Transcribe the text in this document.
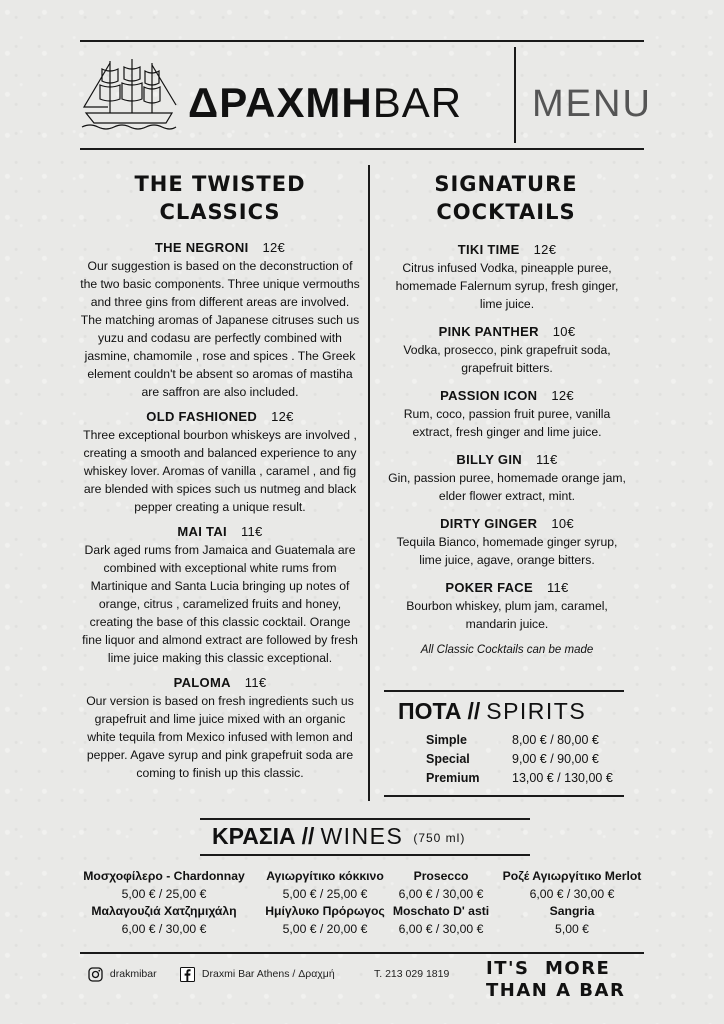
ΔΡΑΧΜΗBAR MENU
THE TWISTED
CLASSICS
THE NEGRONI 12€
Our suggestion is based on the deconstruction of the two basic components. Three unique vermouths and three gins from different areas are involved. The matching aromas of Japanese citruses such us yuzu and codasu are perfectly combined with jasmine, chamomile , rose and spices . The Greek element couldn't be absent so aromas of mastiha are saffron are also included.
OLD FASHIONED 12€
Three exceptional bourbon whiskeys are involved , creating a smooth and balanced experience to any whiskey lover. Aromas of vanilla , caramel , and fig are blended with spices such us nutmeg and black pepper creating a unique result.
MAI TAI 11€
Dark aged rums from Jamaica and Guatemala are combined with exceptional white rums from Martinique and Santa Lucia bringing up notes of orange, citrus , caramelized fruits and honey, creating the base of this classic cocktail. Orange fine liquor and almond extract are followed by fresh lime juice making this classic exceptional.
PALOMA 11€
Our version is based on fresh ingredients such us grapefruit and lime juice mixed with an organic white tequila from Mexico infused with lemon and pepper. Agave syrup and pink grapefruit soda are coming to finish up this classic.
SIGNATURE
COCKTAILS
TIKI TIME 12€
Citrus infused Vodka, pineapple puree, homemade Falernum syrup, fresh ginger, lime juice.
PINK PANTHER 10€
Vodka, prosecco, pink grapefruit soda, grapefruit bitters.
PASSION ICON 12€
Rum, coco, passion fruit puree, vanilla extract, fresh ginger and lime juice.
BILLY GIN 11€
Gin, passion puree, homemade orange jam, elder flower extract, mint.
DIRTY GINGER 10€
Tequila Bianco, homemade ginger syrup, lime juice, agave, orange bitters.
POKER FACE 11€
Bourbon whiskey, plum jam, caramel, mandarin juice.
All Classic Cocktails can be made
ΠΟΤΑ // SPIRITS
Simple	8,00 € / 80,00 €
Special	9,00 € / 90,00 €
Premium	13,00 € / 130,00 €
ΚΡΑΣΙΑ // WINES (750 ml)
Μοσχοφίλερο - Chardonnay
5,00 € / 25,00 €
Μαλαγουζιά Χατζημιχάλη
6,00 € / 30,00 €
Αγιωργίτικο κόκκινο
5,00 € / 25,00 €
Ημίγλυκο Πρόρωγος
5,00 € / 20,00 €
Prosecco
6,00 € / 30,00 €
Moschato D' asti
6,00 € / 30,00 €
Ροζέ Αγιωργίτικο Merlot
6,00 € / 30,00 €
Sangria
5,00 €
drakmibar	Draxmi Bar Athens / Δραχμή	T. 213 029 1819 IT'S  MORE
THAN A BAR
